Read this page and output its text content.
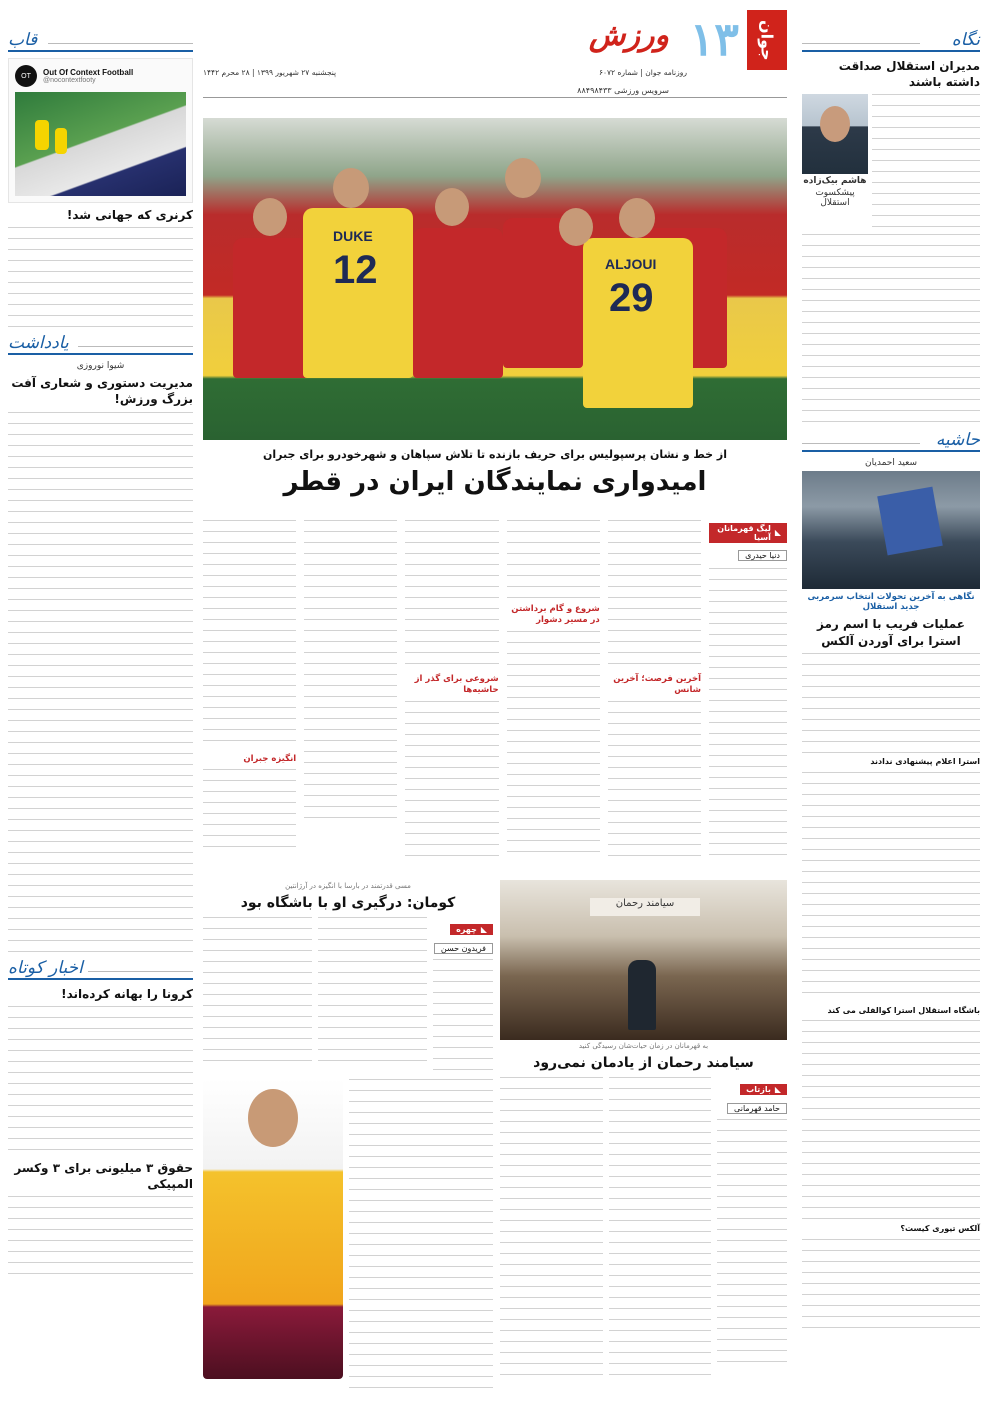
جوان
۱۳
ورزش
روزنامه جوان | شماره ۶۰۷۲
پنجشنبه ۲۷ شهریور ۱۳۹۹ | ۲۸ محرم ۱۴۴۲
سرویس ورزشی ۸۸۴۹۸۴۳۳
DUKE
12	ALJOUI
29
از خط و نشان پرسپولیس برای حریف بازنده تا تلاش سپاهان و شهرخودرو برای جبران
امیدواری نمایندگان ایران در قطر
◣
لیگ قهرمانان آسیا
دنیا حیدری
آخرین فرصت؛ آخرین شانس
شروع و گام برداشتن در مسیر دشوار
شروعی برای گذر از حاشیه‌ها
انگیزه جبران
سیامند رحمان
به قهرمانان در زمان حیات‌شان رسیدگی کنید
سیامند رحمان از یادمان نمی‌رود
◣
بازتاب
حامد قهرمانی
مسی قدرتمند در بارسا با انگیزه در آرژانتین
کومان: درگیری او با باشگاه بود
◣
چهره
فریدون حسن
نگاه
مدیران استقلال صداقت داشته باشند
هاشم بیک‌زاده
پیشکسوت استقلال
حاشیه
سعید احمدیان
نگاهی به آخرین تحولات انتخاب سرمربی جدید استقلال
عملیات فریب با اسم رمز استرا برای آوردن آلکس
استرا اعلام پیشنهادی ندادند
باشگاه استقلال استرا کوالفلی می کند
آلکس تیوری کیست؟
قاب
OT	Out Of Context Football
@nocontextfooty
کرنری که جهانی شد!
یادداشت
شیوا نوروزی
مدیریت دستوری و شعاری آفت بزرگ ورزش!
اخبار کوتاه
کرونا را بهانه کرده‌اند!
حقوق ۳ میلیونی برای ۳ وکسر المپیکی
